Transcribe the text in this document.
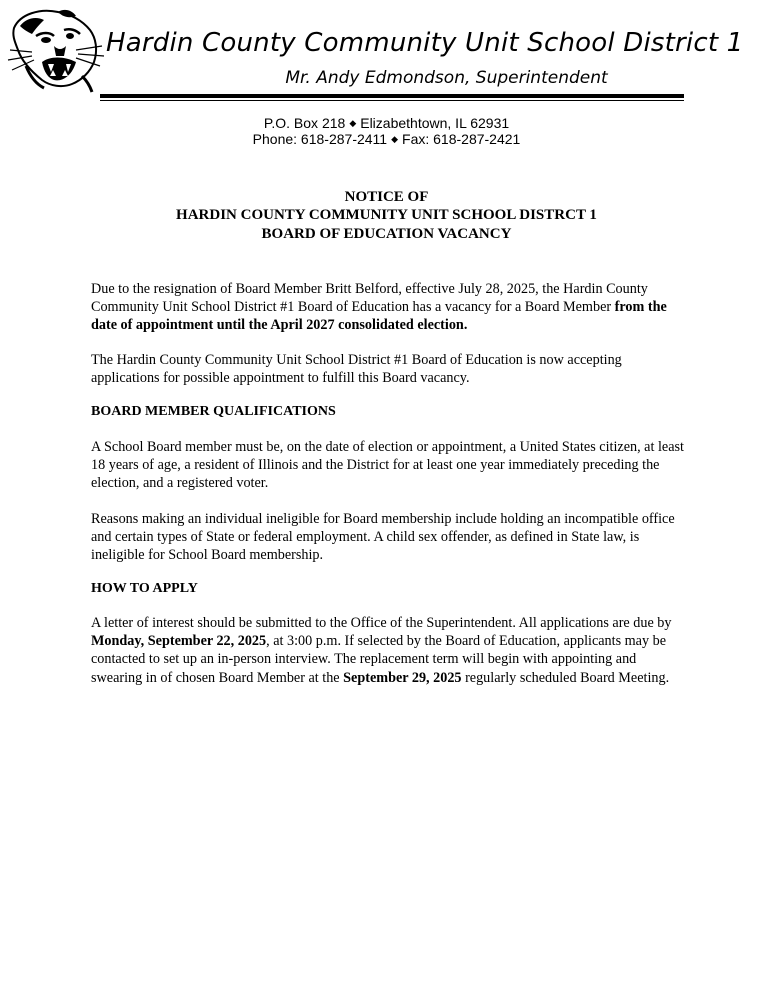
Hardin County Community Unit School District 1
Mr. Andy Edmondson, Superintendent
P.O. Box 218 ◆ Elizabethtown, IL 62931
Phone: 618-287-2411 ◆ Fax: 618-287-2421
NOTICE OF
HARDIN COUNTY COMMUNITY UNIT SCHOOL DISTRCT 1
BOARD OF EDUCATION VACANCY
Due to the resignation of Board Member Britt Belford, effective July 28, 2025, the Hardin County Community Unit School District #1 Board of Education has a vacancy for a Board Member from the date of appointment until the April 2027 consolidated election.
The Hardin County Community Unit School District #1 Board of Education is now accepting applications for possible appointment to fulfill this Board vacancy.
BOARD MEMBER QUALIFICATIONS
A School Board member must be, on the date of election or appointment, a United States citizen, at least 18 years of age, a resident of Illinois and the District for at least one year immediately preceding the election, and a registered voter.
Reasons making an individual ineligible for Board membership include holding an incompatible office and certain types of State or federal employment. A child sex offender, as defined in State law, is ineligible for School Board membership.
HOW TO APPLY
A letter of interest should be submitted to the Office of the Superintendent. All applications are due by Monday, September 22, 2025, at 3:00 p.m. If selected by the Board of Education, applicants may be contacted to set up an in-person interview. The replacement term will begin with appointing and swearing in of chosen Board Member at the September 29, 2025 regularly scheduled Board Meeting.
